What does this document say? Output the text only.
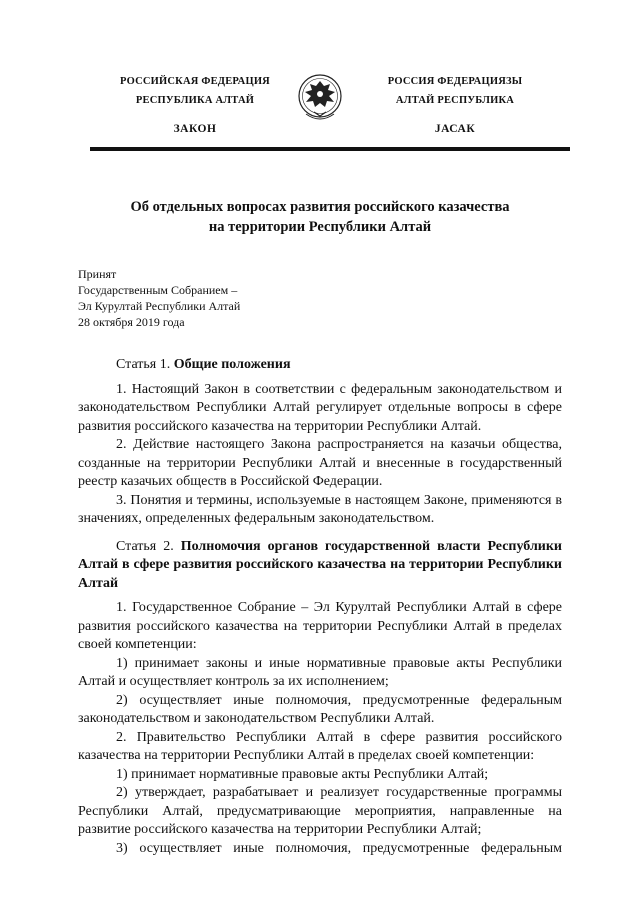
РОССИЙСКАЯ ФЕДЕРАЦИЯ
РЕСПУБЛИКА АЛТАЙ
ЗАКОН
РОССИЯ ФЕДЕРАЦИЯЗЫ
АЛТАЙ РЕСПУБЛИКА
JАСАК
Об отдельных вопросах развития российского казачества
на территории Республики Алтай
Принят
Государственным Собранием –
Эл Курултай Республики Алтай
28 октября 2019 года

Статья 1. Общие положения

1. Настоящий Закон в соответствии с федеральным законодательством и законодательством Республики Алтай регулирует отдельные вопросы в сфере развития российского казачества на территории Республики Алтай.

2. Действие настоящего Закона распространяется на казачьи общества, созданные на территории Республики Алтай и внесенные в государственный реестр казачьих обществ в Российской Федерации.

3. Понятия и термины, используемые в настоящем Законе, применяются в значениях, определенных федеральным законодательством.

Статья 2. Полномочия органов государственной власти Республики Алтай в сфере развития российского казачества на территории Республики Алтай

1. Государственное Собрание – Эл Курултай Республики Алтай в сфере развития российского казачества на территории Республики Алтай в пределах своей компетенции:

1) принимает законы и иные нормативные правовые акты Республики Алтай и осуществляет контроль за их исполнением;

2) осуществляет иные полномочия, предусмотренные федеральным законодательством и законодательством Республики Алтай.

2. Правительство Республики Алтай в сфере развития российского казачества на территории Республики Алтай в пределах своей компетенции:

1) принимает нормативные правовые акты Республики Алтай;

2) утверждает, разрабатывает и реализует государственные программы Республики Алтай, предусматривающие мероприятия, направленные на развитие российского казачества на территории Республики Алтай;

3) осуществляет иные полномочия, предусмотренные федеральным
